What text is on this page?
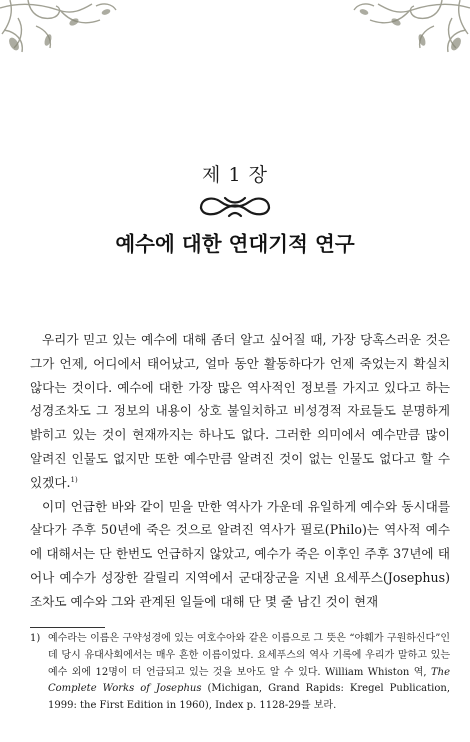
제 1 장
예수에 대한 연대기적 연구

우리가 믿고 있는 예수에 대해 좀더 알고 싶어질 때, 가장 당혹스러운 것은 그가 언제, 어디에서 태어났고, 얼마 동안 활동하다가 언제 죽었는지 확실치 않다는 것이다. 예수에 대한 가장 많은 역사적인 정보를 가지고 있다고 하는 성경조차도 그 정보의 내용이 상호 불일치하고 비성경적 자료들도 분명하게 밝히고 있는 것이 현재까지는 하나도 없다. 그러한 의미에서 예수만큼 많이 알려진 인물도 없지만 또한 예수만큼 알려진 것이 없는 인물도 없다고 할 수 있겠다.$^{1)}$

이미 언급한 바와 같이 믿을 만한 역사가 가운데 유일하게 예수와 동시대를 살다가 주후 50년에 죽은 것으로 알려진 역사가 필로(Philo)는 역사적 예수에 대해서는 단 한번도 언급하지 않았고, 예수가 죽은 이후인 주후 37년에 태어나 예수가 성장한 갈릴리 지역에서 군대장군을 지낸 요세푸스(Josephus)조차도 예수와 그와 관계된 일들에 대해 단 몇 줄 남긴 것이 현재

1) 예수라는 이름은 구약성경에 있는 여호수아와 같은 이름으로 그 뜻은 “야훼가 구원하신다”인데 당시 유대사회에서는 매우 흔한 이름이었다. 요세푸스의 역사 기록에 우리가 말하고 있는 예수 외에 12명이 더 언급되고 있는 것을 보아도 알 수 있다. William Whiston 역, The Complete Works of Josephus (Michigan, Grand Rapids: Kregel Publication, 1999: the First Edition in 1960), Index p. 1128-29를 보라.
